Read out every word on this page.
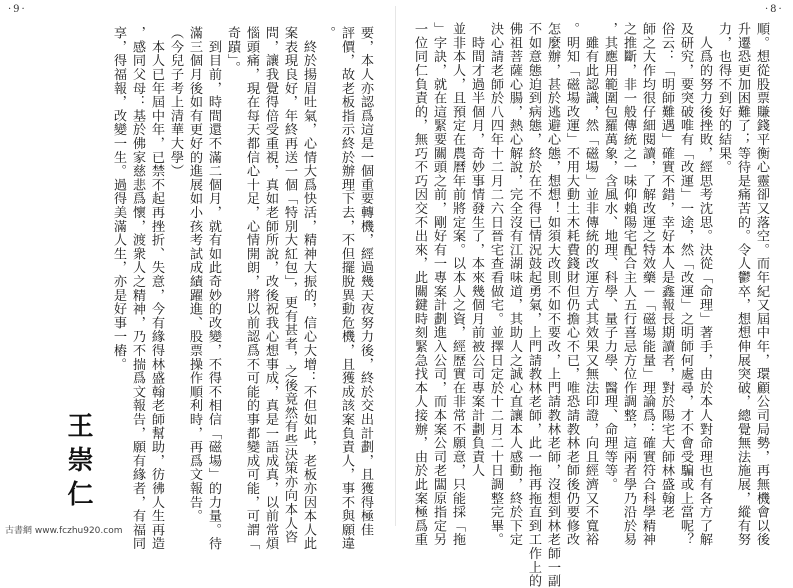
·9·	·8·
順。想從股票賺錢平衡心靈卻又落空。而年紀又屆中年，環顧公司局勢，再無機會以後
升遷恐更加困難了；等待是痛苦的。令人鬱卒，想想伸展突破，總覺無法施展，縱有努
力，也得不到好的結果。
　人爲的努力後挫敗，經思考沈思。決從「命理」著手，由於本人對命理也有各方了解
及研究，要突破唯有「改運」一途，然「改運」之明師何處尋，才不會受騙或上當呢？
俗云：「明師難遇」確實不錯，幸好本人是鑫報長期讀者，對於陽宅大師林盛翰老
師之大作均很仔細閱讀，了解改運之特效藥－「磁場能量」理論爲：確實符合科學精神
之推斷，非一般傳統之一味仰賴陽宅配合主人五行喜忌方位作調整，這兩者學乃沿於易
，其應用範圍包羅萬象，含風水、地理、科學、量子力學、醫理、命理等等。
　雖有此認識，然「磁場」並非傳統的改運方式其效果又無法印證，向且經濟又不寬裕
。明知「磁場改運」不用大動土木耗費錢財但仍擔心不已，唯恐請教林老師後仍要修改
怎麼辦，甚於逃避心態，想想！如須大改則不如不要改，上門請教林老師，沒想到林老師一副
不如意態迫到病態，終於在不得已情況鼓起勇氣，上門請教林老師，此一拖再拖直到工作上的
佛祖菩薩心腸，熱心解說，完全沒有江湖味道，其助人之誠心直讓本人感動，終於下定
決心請老師於八四年十二月二六日晉宅查看做宅。並擇日定於十二月二十日調整完畢。
　時間才過半個月，奇妙事情發生了，本來幾個月前被公司專案計劃負責人
並非本人，且預定在農曆年前將定案。以本人之資，經歷實在非常不願意，只能採「拖
」字訣，就在這緊要關頭之前，剛好有一專案計劃進入公司，而本案公司老闆原指定另
一位同仁負責的，無巧不巧因交不出來，此關鍵時刻緊急找本人接辦，由於此案極爲重
要，本人亦認爲這是一個重要轉機，經過幾天夜努力後，終於交出計劃，且獲得極佳
評價，故老板指示終於辦理下去，不但擺脫異動危機，且獲成該案負責人，事不與願違
。
　終於揚眉吐氣，心情大爲快活，精神大振的，信心大增：不但如此，老板亦因本人此
案表現良好，年終再送一個「特別大紅包」，更有甚者，之後竟然有些決策亦向本人咨
問，讓我覺得倍受重視，真如老師所說，改後祝我心想事成，真是一語成真，以前常煩
惱頭痛，現在每天都信心十足，心情開朗，將以前認爲不可能的事都變成可能，可謂「
奇蹟」。
　到目前，時間還不滿二個月，就有如此奇妙的改變，不得不相信「磁場」的力量。待
滿三個月後如有更好的進展如小孩考試成績躍進、股票操作順利時，再爲文報告。
（今兒子考上清華大學）
　本人已年屆中年，已禁不起再挫折、失意，今有緣得林盛翰老師幫助，彷彿人生再造
，感同父母：基於佛家慈悲爲懷，渡衆人之精神，乃不揣爲文報告，願有緣者，有福同
享，得福報，改變一生。過得美滿人生，亦是好事一樁。
王崇仁
古書網 www.fczhu920.com
